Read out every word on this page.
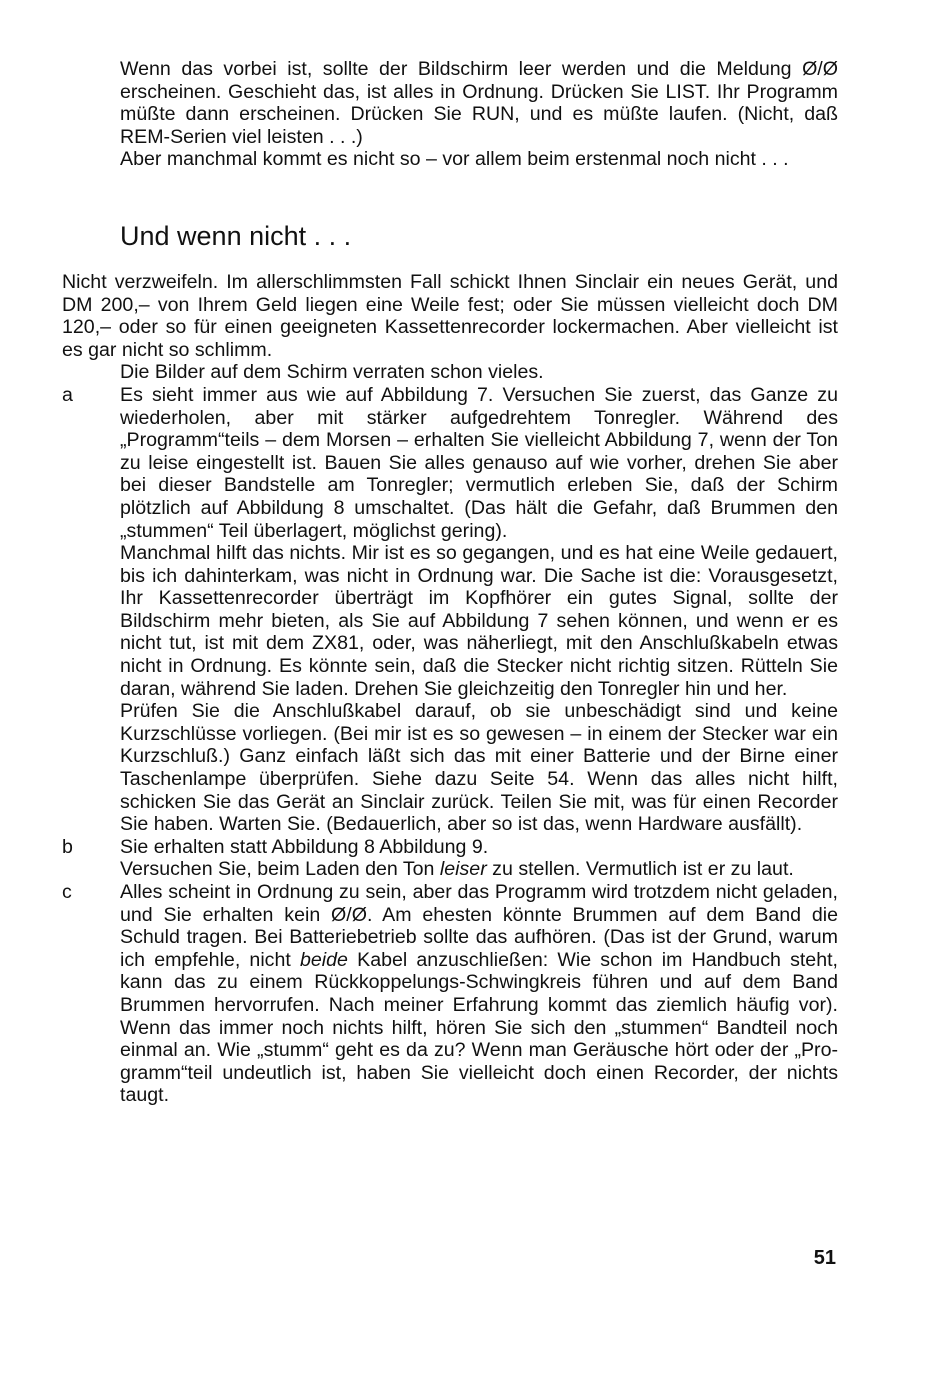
Wenn das vorbei ist, sollte der Bildschirm leer werden und die Meldung Ø/Ø erscheinen. Geschieht das, ist alles in Ordnung. Drücken Sie LIST. Ihr Programm müßte dann erscheinen. Drücken Sie RUN, und es müßte laufen. (Nicht, daß REM-Serien viel leisten . . .)

Aber manchmal kommt es nicht so – vor allem beim erstenmal noch nicht . . .

Und wenn nicht . . .

Nicht verzweifeln. Im allerschlimmsten Fall schickt Ihnen Sinclair ein neues Gerät, und DM 200,– von Ihrem Geld liegen eine Weile fest; oder Sie müssen vielleicht doch DM 120,– oder so für einen geeigneten Kassettenrecorder lockermachen. Aber vielleicht ist es gar nicht so schlimm.

Die Bilder auf dem Schirm verraten schon vieles.

a	Es sieht immer aus wie auf Abbildung 7. Versuchen Sie zuerst, das Ganze zu wiederholen, aber mit stärker aufgedrehtem Tonregler. Während des „Programm“teils – dem Morsen – erhalten Sie vielleicht Abbildung 7, wenn der Ton zu leise eingestellt ist. Bauen Sie alles genauso auf wie vorher, drehen Sie aber bei dieser Bandstelle am Tonregler; vermutlich erleben Sie, daß der Schirm plötzlich auf Abbildung 8 umschaltet. (Das hält die Gefahr, daß Brummen den „stummen“ Teil überlagert, möglichst gering).

Manchmal hilft das nichts. Mir ist es so gegangen, und es hat eine Weile gedauert, bis ich dahinterkam, was nicht in Ordnung war. Die Sache ist die: Vorausgesetzt, Ihr Kassettenrecorder überträgt im Kopfhörer ein gutes Signal, sollte der Bildschirm mehr bieten, als Sie auf Abbildung 7 sehen können, und wenn er es nicht tut, ist mit dem ZX81, oder, was näherliegt, mit den Anschlußkabeln etwas nicht in Ordnung. Es könnte sein, daß die Stecker nicht richtig sitzen. Rütteln Sie daran, während Sie laden. Drehen Sie gleichzeitig den Tonregler hin und her.

Prüfen Sie die Anschlußkabel darauf, ob sie unbeschädigt sind und keine Kurzschlüsse vorliegen. (Bei mir ist es so gewesen – in einem der Stecker war ein Kurzschluß.) Ganz einfach läßt sich das mit einer Batterie und der Birne einer Taschenlampe überprüfen. Siehe dazu Seite 54. Wenn das alles nicht hilft, schicken Sie das Gerät an Sinclair zurück. Teilen Sie mit, was für einen Recorder Sie haben. Warten Sie. (Bedauerlich, aber so ist das, wenn Hardware ausfällt).

b	Sie erhalten statt Abbildung 8 Abbildung 9.

Versuchen Sie, beim Laden den Ton leiser zu stellen. Vermutlich ist er zu laut.

c	Alles scheint in Ordnung zu sein, aber das Programm wird trotzdem nicht geladen, und Sie erhalten kein Ø/Ø. Am ehesten könnte Brummen auf dem Band die Schuld tragen. Bei Batteriebetrieb sollte das aufhören. (Das ist der Grund, warum ich empfehle, nicht beide Kabel anzuschließen: Wie schon im Handbuch steht, kann das zu einem Rückkoppelungs-Schwingkreis führen und auf dem Band Brummen hervorrufen. Nach meiner Erfahrung kommt das ziemlich häufig vor). Wenn das immer noch nichts hilft, hören Sie sich den „stummen“ Bandteil noch einmal an. Wie „stumm“ geht es da zu? Wenn man Geräusche hört oder der „Pro-gramm“teil undeutlich ist, haben Sie vielleicht doch einen Recorder, der nichts taugt.

51
